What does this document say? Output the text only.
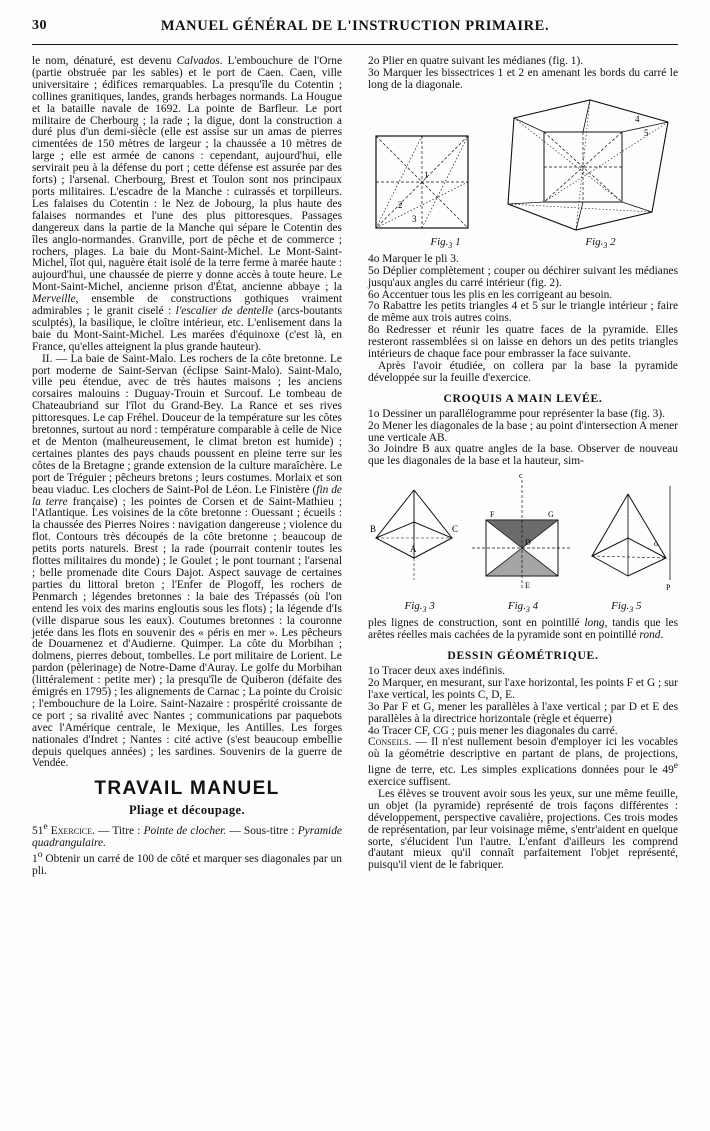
30	MANUEL GÉNÉRAL DE L'INSTRUCTION PRIMAIRE.

le nom, dénaturé, est devenu Calvados. L'embouchure de l'Orne (partie obstruée par les sables) et le port de Caen. Caen, ville universitaire ; édifices remarquables. La presqu'île du Cotentin ; collines granitiques, landes, grands herbages normands. La Hougue et la bataille navale de 1692. La pointe de Barfleur. Le port militaire de Cherbourg ; la rade ; la digue, dont la construction a duré plus d'un demi-siècle (elle est assise sur un amas de pierres cimentées de 150 mètres de largeur ; la chaussée a 10 mètres de large ; elle est armée de canons : cependant, aujourd'hui, elle servirait peu à la défense du port ; cette défense est assurée par des forts) ; l'arsenal. Cherbourg, Brest et Toulon sont nos principaux ports militaires. L'escadre de la Manche : cuirassés et torpilleurs. Les falaises du Cotentin : le Nez de Jobourg, la plus haute des falaises normandes et l'une des plus pittoresques. Passages dangereux dans la partie de la Manche qui sépare le Cotentin des îles anglo-normandes. Granville, port de pêche et de commerce ; rochers, plages. La baie du Mont-Saint-Michel. Le Mont-Saint-Michel, îlot qui, naguère était isolé de la terre ferme à marée haute : aujourd'hui, une chaussée de pierre y donne accès à toute heure. Le Mont-Saint-Michel, ancienne prison d'État, ancienne abbaye ; la Merveille, ensemble de constructions gothiques vraiment admirables ; le granit ciselé : l'escalier de dentelle (arcs-boutants sculptés), la basilique, le cloître intérieur, etc. L'enlisement dans la baie du Mont-Saint-Michel. Les marées d'équinoxe (c'est là, en France, qu'elles atteignent la plus grande hauteur).

II. — La baie de Saint-Malo. Les rochers de la côte bretonne. Le port moderne de Saint-Servan (éclipse Saint-Malo). Saint-Malo, ville peu étendue, avec de très hautes maisons ; les anciens corsaires malouins : Duguay-Trouin et Surcouf. Le tombeau de Chateaubriand sur l'îlot du Grand-Bey. La Rance et ses rives pittoresques. Le cap Fréhel. Douceur de la température sur les côtes bretonnes, surtout au nord : température comparable à celle de Nice et de Menton (malheureusement, le climat breton est humide) ; certaines plantes des pays chauds poussent en pleine terre sur les côtes de la Bretagne ; grande extension de la culture maraîchère. Le port de Tréguier ; pêcheurs bretons ; leurs costumes. Morlaix et son beau viaduc. Les clochers de Saint-Pol de Léon. Le Finistère (fin de la terre française) ; les pointes de Corsen et de Saint-Mathieu ; l'Atlantique. Les voisines de la côte bretonne : Ouessant ; écueils : la chaussée des Pierres Noires : navigation dangereuse ; violence du flot. Contours très découpés de la côte bretonne ; beaucoup de petits ports naturels. Brest ; la rade (pourrait contenir toutes les flottes militaires du monde) ; le Goulet ; le pont tournant ; l'arsenal ; belle promenade dite Cours Dajot. Aspect sauvage de certaines parties du littoral breton ; l'Enfer de Plogoff, les rochers de Penmarch ; légendes bretonnes : la baie des Trépassés (où l'on entend les voix des marins engloutis sous les flots) ; la légende d'Is (ville disparue sous les eaux). Coutumes bretonnes : la couronne jetée dans les flots en souvenir des « péris en mer ». Les pêcheurs de Douarnenez et d'Audierne. Quimper. La côte du Morbihan ; dolmens, pierres debout, tombelles. Le port militaire de Lorient. Le pardon (pèlerinage) de Notre-Dame d'Auray. Le golfe du Morbihan (littéralement : petite mer) ; la presqu'île de Quiberon (défaite des émigrés en 1795) ; les alignements de Carnac ; La pointe du Croisic ; l'embouchure de la Loire. Saint-Nazaire : prospérité croissante de ce port ; sa rivalité avec Nantes ; communications par paquebots avec l'Amérique centrale, le Mexique, les Antilles. Les forges nationales d'Indret ; Nantes : cité active (s'est beaucoup embellie depuis quelques années) ; les sardines. Souvenirs de la guerre de Vendée.

TRAVAIL MANUEL
Pliage et découpage.

51e Exercice. — Titre : Pointe de clocher. — Sous-titre : Pyramide quadrangulaire.

1$^o$ Obtenir un carré de 100 de côté et marquer ses diagonales par un pli.

2o Plier en quatre suivant les médianes (fig. 1).

3o Marquer les bissectrices 1 et 2 en amenant les bords du carré le long de la diagonale.

1
2
3
4
5
$Fig._3$ 1	$Fig._3$ 2

4o Marquer le pli 3.

5o Déplier complètement ; couper ou déchirer suivant les médianes jusqu'aux angles du carré intérieur (fig. 2).

6o Accentuer tous les plis en les corrigeant au besoin.

7o Rabattre les petits triangles 4 et 5 sur le triangle intérieur ; faire de même aux trois autres coins.

8o Redresser et réunir les quatre faces de la pyramide. Elles resteront rassemblées si on laisse en dehors un des petits triangles intérieurs de chaque face pour embrasser la face suivante.

Après l'avoir étudiée, on collera par la base la pyramide développée sur la feuille d'exercice.

CROQUIS A MAIN LEVÉE.

1o Dessiner un parallélogramme pour représenter la base (fig. 3).

2o Mener les diagonales de la base ; au point d'intersection A mener une verticale AB.

3o Joindre B aux quatre angles de la base. Observer de nouveau que les diagonales de la base et la hauteur, sim-

B
A
C
c
F	G
D
E
o
P
$Fig._3$ 3	$Fig._3$ 4	$Fig._3$ 5

ples lignes de construction, sont en pointillé long, tandis que les arêtes réelles mais cachées de la pyramide sont en pointillé rond.

DESSIN GÉOMÉTRIQUE.

1o Tracer deux axes indéfinis.

2o Marquer, en mesurant, sur l'axe horizontal, les points F et G ; sur l'axe vertical, les points C, D, E.

3o Par F et G, mener les parallèles à l'axe vertical ; par D et E des parallèles à la directrice horizontale (règle et équerre)

4o Tracer CF, CG ; puis mener les diagonales du carré.

Conseils. — Il n'est nullement besoin d'employer ici les vocables où la géométrie descriptive en partant de plans, de projections, ligne de terre, etc. Les simples explications données pour le 49e exercice suffisent.

Les élèves se trouvent avoir sous les yeux, sur une même feuille, un objet (la pyramide) représenté de trois façons différentes : développement, perspective cavalière, projections. Ces trois modes de représentation, par leur voisinage même, s'entr'aident en quelque sorte, s'élucident l'un l'autre. L'enfant d'ailleurs les comprend d'autant mieux qu'il connaît parfaitement l'objet représenté, puisqu'il vient de le fabriquer.
